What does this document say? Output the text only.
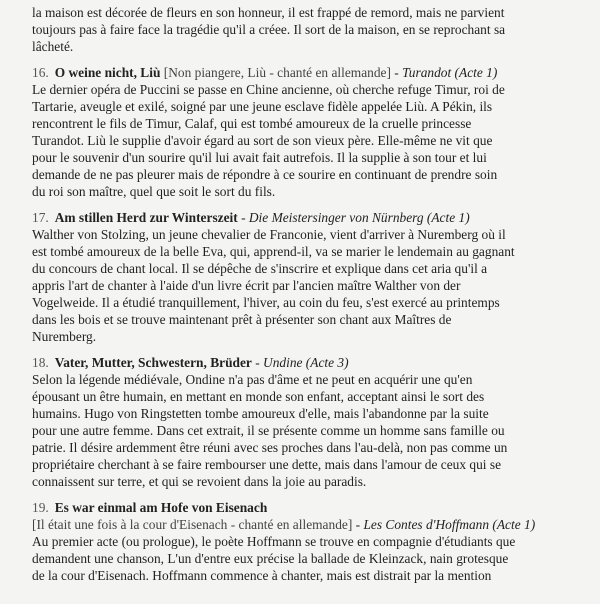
la maison est décorée de fleurs en son honneur, il est frappé de remord, mais ne parvient
toujours pas à faire face la tragédie qu'il a créee. Il sort de la maison, en se reprochant sa
lâcheté.

16. O weine nicht, Liù [Non piangere, Liù - chanté en allemande] - Turandot (Acte 1)

Le dernier opéra de Puccini se passe en Chine ancienne, où cherche refuge Timur, roi de
Tartarie, aveugle et exilé, soigné par une jeune esclave fidèle appelée Liù. A Pékin, ils
rencontrent le fils de Timur, Calaf, qui est tombé amoureux de la cruelle princesse
Turandot. Liù le supplie d'avoir égard au sort de son vieux père. Elle-même ne vit que
pour le souvenir d'un sourire qu'il lui avait fait autrefois. Il la supplie à son tour et lui
demande de ne pas pleurer mais de répondre à ce sourire en continuant de prendre soin
du roi son maître, quel que soit le sort du fils.

17. Am stillen Herd zur Winterszeit - Die Meistersinger von Nürnberg (Acte 1)

Walther von Stolzing, un jeune chevalier de Franconie, vient d'arriver à Nuremberg où il
est tombé amoureux de la belle Eva, qui, apprend-il, va se marier le lendemain au gagnant
du concours de chant local. Il se dépêche de s'inscrire et explique dans cet aria qu'il a
appris l'art de chanter à l'aide d'un livre écrit par l'ancien maître Walther von der
Vogelweide. Il a étudié tranquillement, l'hiver, au coin du feu, s'est exercé au printemps
dans les bois et se trouve maintenant prêt à présenter son chant aux Maîtres de
Nuremberg.

18. Vater, Mutter, Schwestern, Brüder - Undine (Acte 3)

Selon la légende médiévale, Ondine n'a pas d'âme et ne peut en acquérir une qu'en
épousant un être humain, en mettant en monde son enfant, acceptant ainsi le sort des
humains. Hugo von Ringstetten tombe amoureux d'elle, mais l'abandonne par la suite
pour une autre femme. Dans cet extrait, il se présente comme un homme sans famille ou
patrie. Il désire ardemment être réuni avec ses proches dans l'au-delà, non pas comme un
propriétaire cherchant à se faire rembourser une dette, mais dans l'amour de ceux qui se
connaissent sur terre, et qui se revoient dans la joie au paradis.

19. Es war einmal am Hofe von Eisenach
[Il était une fois à la cour d'Eisenach - chanté en allemande] - Les Contes d'Hoffmann (Acte 1)

Au premier acte (ou prologue), le poète Hoffmann se trouve en compagnie d'étudiants que
demandent une chanson, L'un d'entre eux précise la ballade de Kleinzack, nain grotesque
de la cour d'Eisenach. Hoffmann commence à chanter, mais est distrait par la mention
